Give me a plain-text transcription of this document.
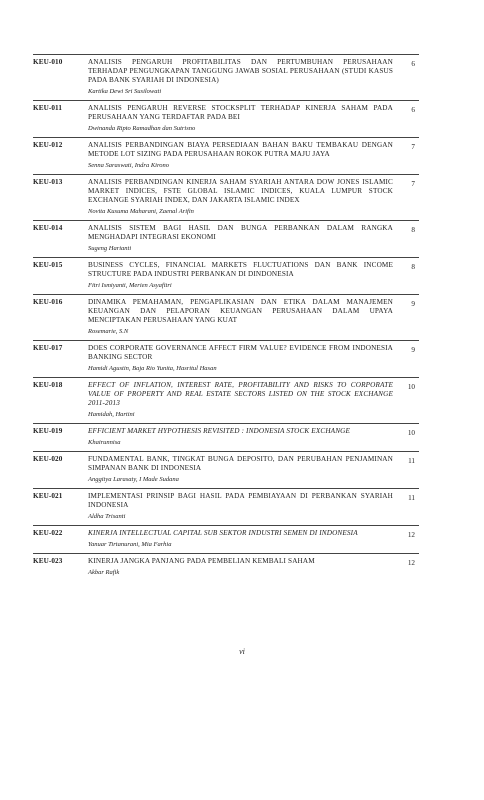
KEU-010	ANALISIS PENGARUH PROFITABILITAS DAN PERTUMBUHAN PERUSAHAAN TERHADAP PENGUNGKAPAN TANGGUNG JAWAB SOSIAL PERUSAHAAN (STUDI KASUS PADA BANK SYARIAH DI INDONESIA)
Kartika Dewi Sri Susilowati
6
KEU-011	ANALISIS PENGARUH REVERSE STOCKSPLIT TERHADAP KINERJA SAHAM PADA PERUSAHAAN YANG TERDAFTAR PADA BEI
Dwinanda Ripto Ramadhan dan Sutrisno
6
KEU-012	ANALISIS PERBANDINGAN BIAYA PERSEDIAAN BAHAN BAKU TEMBAKAU DENGAN METODE LOT SIZING PADA PERUSAHAAN ROKOK PUTRA MAJU JAYA
Senna Saraswati, Indra Kirono
7
KEU-013	ANALISIS PERBANDINGAN KINERJA SAHAM SYARIAH ANTARA DOW JONES ISLAMIC MARKET INDICES, FSTE GLOBAL ISLAMIC INDICES, KUALA LUMPUR STOCK EXCHANGE SYARIAH INDEX, DAN JAKARTA ISLAMIC INDEX
Novita Kusuma Maharani, Zaenal Arifin
7
KEU-014	ANALISIS SISTEM BAGI HASIL DAN BUNGA PERBANKAN DALAM RANGKA MENGHADAPI INTEGRASI EKONOMI
Sugeng Harianti
8
KEU-015	BUSINESS CYCLES, FINANCIAL MARKETS FLUCTUATIONS DAN BANK INCOME STRUCTURE PADA INDUSTRI PERBANKAN DI DINDONESIA
Fitri Ismiyanti, Merien Asyafitri
8
KEU-016	DINAMIKA PEMAHAMAN, PENGAPLIKASIAN DAN ETIKA DALAM MANAJEMEN KEUANGAN DAN PELAPORAN KEUANGAN PERUSAHAAN DALAM UPAYA MENCIPTAKAN PERUSAHAAN YANG KUAT
Rosemarie, S.N
9
KEU-017	DOES CORPORATE GOVERNANCE AFFECT FIRM VALUE? EVIDENCE FROM INDONESIA BANKING SECTOR
Hamidi Agustin, Baja Rio Yunita, Hasritul Hasan
9
KEU-018	EFFECT OF INFLATION, INTEREST RATE, PROFITABILITY AND RISKS TO CORPORATE VALUE OF PROPERTY AND REAL ESTATE SECTORS LISTED ON THE STOCK EXCHANGE 2011-2013
Hamidah, Hartini
10
KEU-019	EFFICIENT MARKET HYPOTHESIS REVISITED : INDONESIA STOCK EXCHANGE
Khairunnisa
10
KEU-020	FUNDAMENTAL BANK, TINGKAT BUNGA DEPOSITO, DAN PERUBAHAN PENJAMINAN SIMPANAN BANK DI INDONESIA
Anggitya Larasaty, I Made Sudana
11
KEU-021	IMPLEMENTASI PRINSIP BAGI HASIL PADA PEMBIAYAAN DI PERBANKAN SYARIAH INDONESIA
Aldha Trisanti
11
KEU-022	KINERJA INTELLECTUAL CAPITAL SUB SEKTOR INDUSTRI SEMEN DI INDONESIA
Yanuar Tirtanurani, Mia Farhia
12
KEU-023	KINERJA JANGKA PANJANG PADA PEMBELIAN KEMBALI SAHAM
Akbar Rafik
12
vi
